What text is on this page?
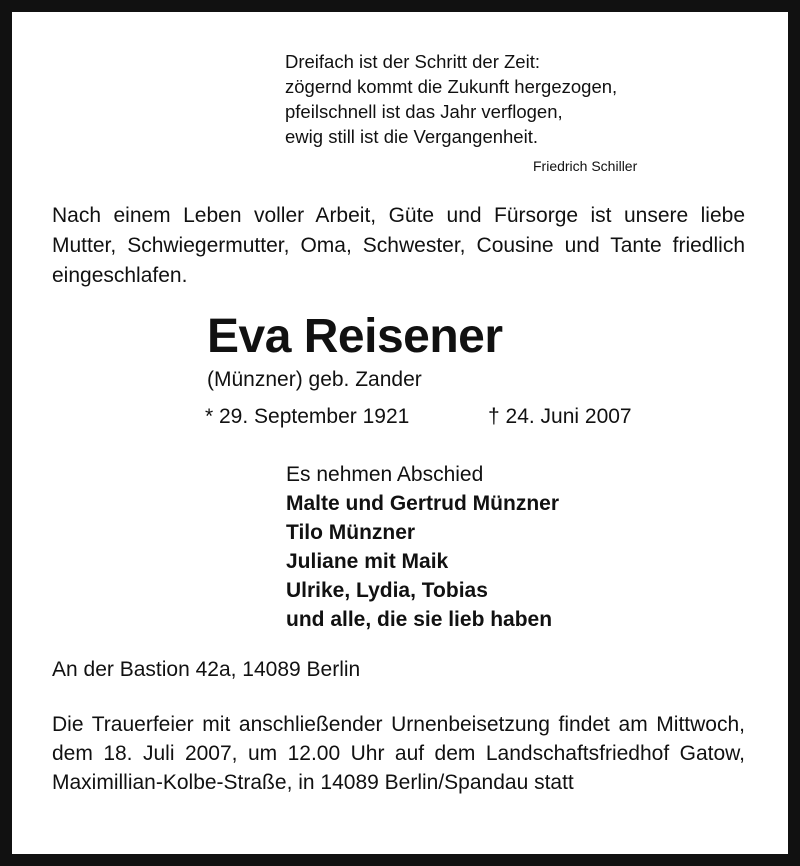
Dreifach ist der Schritt der Zeit:
zögernd kommt die Zukunft hergezogen,
pfeilschnell ist das Jahr verflogen,
ewig still ist die Vergangenheit.
Friedrich Schiller
Nach einem Leben voller Arbeit, Güte und Fürsorge ist unsere liebe Mutter, Schwiegermutter, Oma, Schwester, Cousine und Tante friedlich eingeschlafen.
Eva Reisener
(Münzner) geb. Zander
* 29. September 1921	† 24. Juni 2007
Es nehmen Abschied
Malte und Gertrud Münzner
Tilo Münzner
Juliane mit Maik
Ulrike, Lydia, Tobias
und alle, die sie lieb haben
An der Bastion 42a, 14089 Berlin
Die Trauerfeier mit anschließender Urnenbeisetzung findet am Mittwoch, dem 18. Juli 2007, um 12.00 Uhr auf dem Landschaftsfriedhof Gatow, Maximillian-Kolbe-Straße, in 14089 Berlin/Spandau statt
